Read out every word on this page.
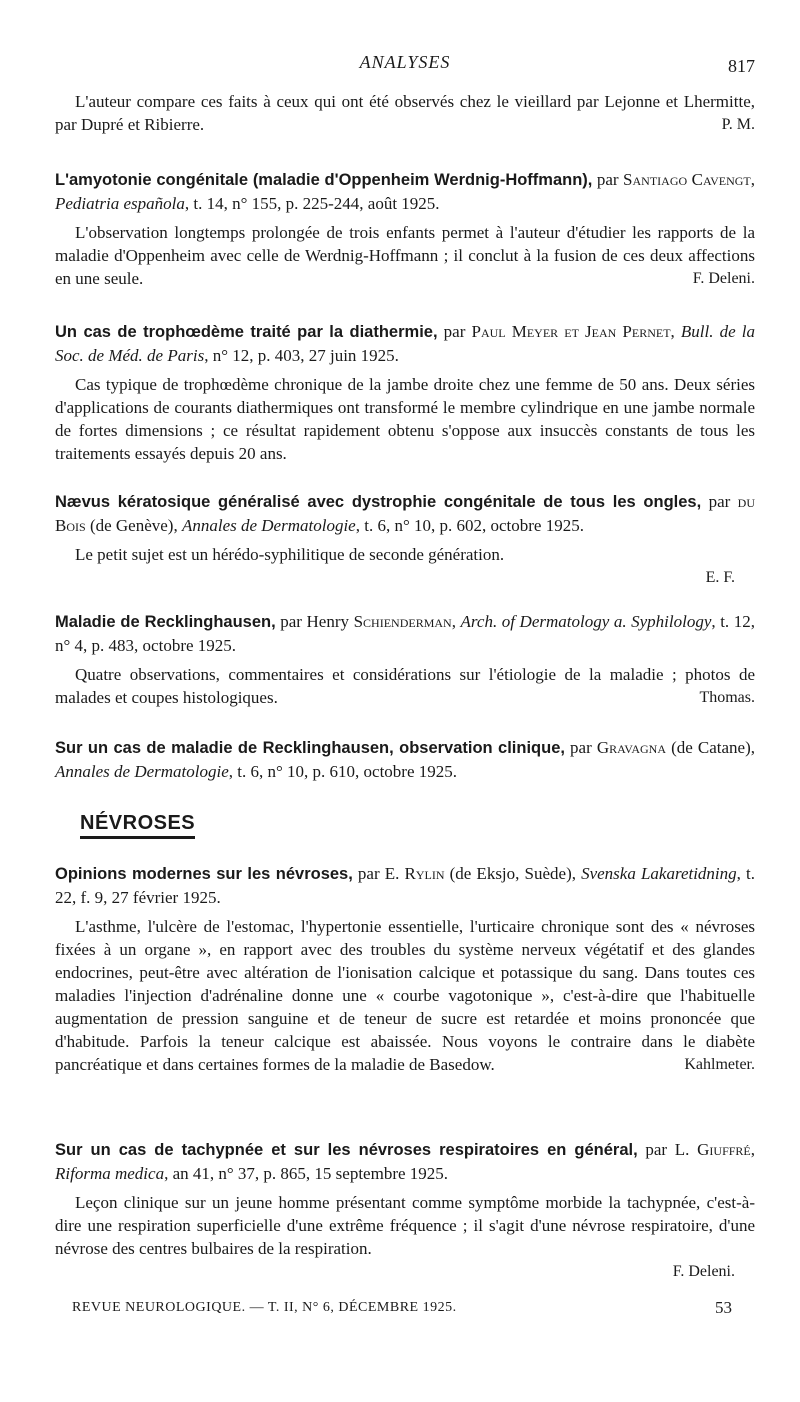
ANALYSES	817

L'auteur compare ces faits à ceux qui ont été observés chez le vieillard par Lejonne et Lhermitte, par Dupré et Ribierre.	P. M.

L'amyotonie congénitale (maladie d'Oppenheim Werdnig-Hoffmann), par Santiago Cavengt, Pediatria española, t. 14, n° 155, p. 225-244, août 1925.

L'observation longtemps prolongée de trois enfants permet à l'auteur d'étudier les rapports de la maladie d'Oppenheim avec celle de Werdnig-Hoffmann ; il conclut à la fusion de ces deux affections en une seule.	F. Deleni.

Un cas de trophœdème traité par la diathermie, par Paul Meyer et Jean Pernet, Bull. de la Soc. de Méd. de Paris, n° 12, p. 403, 27 juin 1925.

Cas typique de trophœdème chronique de la jambe droite chez une femme de 50 ans. Deux séries d'applications de courants diathermiques ont transformé le membre cylindrique en une jambe normale de fortes dimensions ; ce résultat rapidement obtenu s'oppose aux insuccès constants de tous les traitements essayés depuis 20 ans.

Nævus kératosique généralisé avec dystrophie congénitale de tous les ongles, par du Bois (de Genève), Annales de Dermatologie, t. 6, n° 10, p. 602, octobre 1925.

Le petit sujet est un hérédo-syphilitique de seconde génération.

E. F.
Maladie de Recklinghausen, par Henry Schienderman, Arch. of Dermatology a. Syphilology, t. 12, n° 4, p. 483, octobre 1925.

Quatre observations, commentaires et considérations sur l'étiologie de la maladie ; photos de malades et coupes histologiques.	Thomas.

Sur un cas de maladie de Recklinghausen, observation clinique, par Gravagna (de Catane), Annales de Dermatologie, t. 6, n° 10, p. 610, octobre 1925.
NÉVROSES
Opinions modernes sur les névroses, par E. Rylin (de Eksjo, Suède), Svenska Lakaretidning, t. 22, f. 9, 27 février 1925.

L'asthme, l'ulcère de l'estomac, l'hypertonie essentielle, l'urticaire chronique sont des « névroses fixées à un organe », en rapport avec des troubles du système nerveux végétatif et des glandes endocrines, peut-être avec altération de l'ionisation calcique et potassique du sang. Dans toutes ces maladies l'injection d'adrénaline donne une « courbe vagotonique », c'est-à-dire que l'habituelle augmentation de pression sanguine et de teneur de sucre est retardée et moins prononcée que d'habitude. Parfois la teneur calcique est abaissée. Nous voyons le contraire dans le diabète pancréatique et dans certaines formes de la maladie de Basedow.	Kahlmeter.

Sur un cas de tachypnée et sur les névroses respiratoires en général, par L. Giuffré, Riforma medica, an 41, n° 37, p. 865, 15 septembre 1925.

Leçon clinique sur un jeune homme présentant comme symptôme morbide la tachypnée, c'est-à-dire une respiration superficielle d'une extrême fréquence ; il s'agit d'une névrose respiratoire, d'une névrose des centres bulbaires de la respiration.

F. Deleni.
REVUE NEUROLOGIQUE. — T. II, N° 6, DÉCEMBRE 1925.	53
